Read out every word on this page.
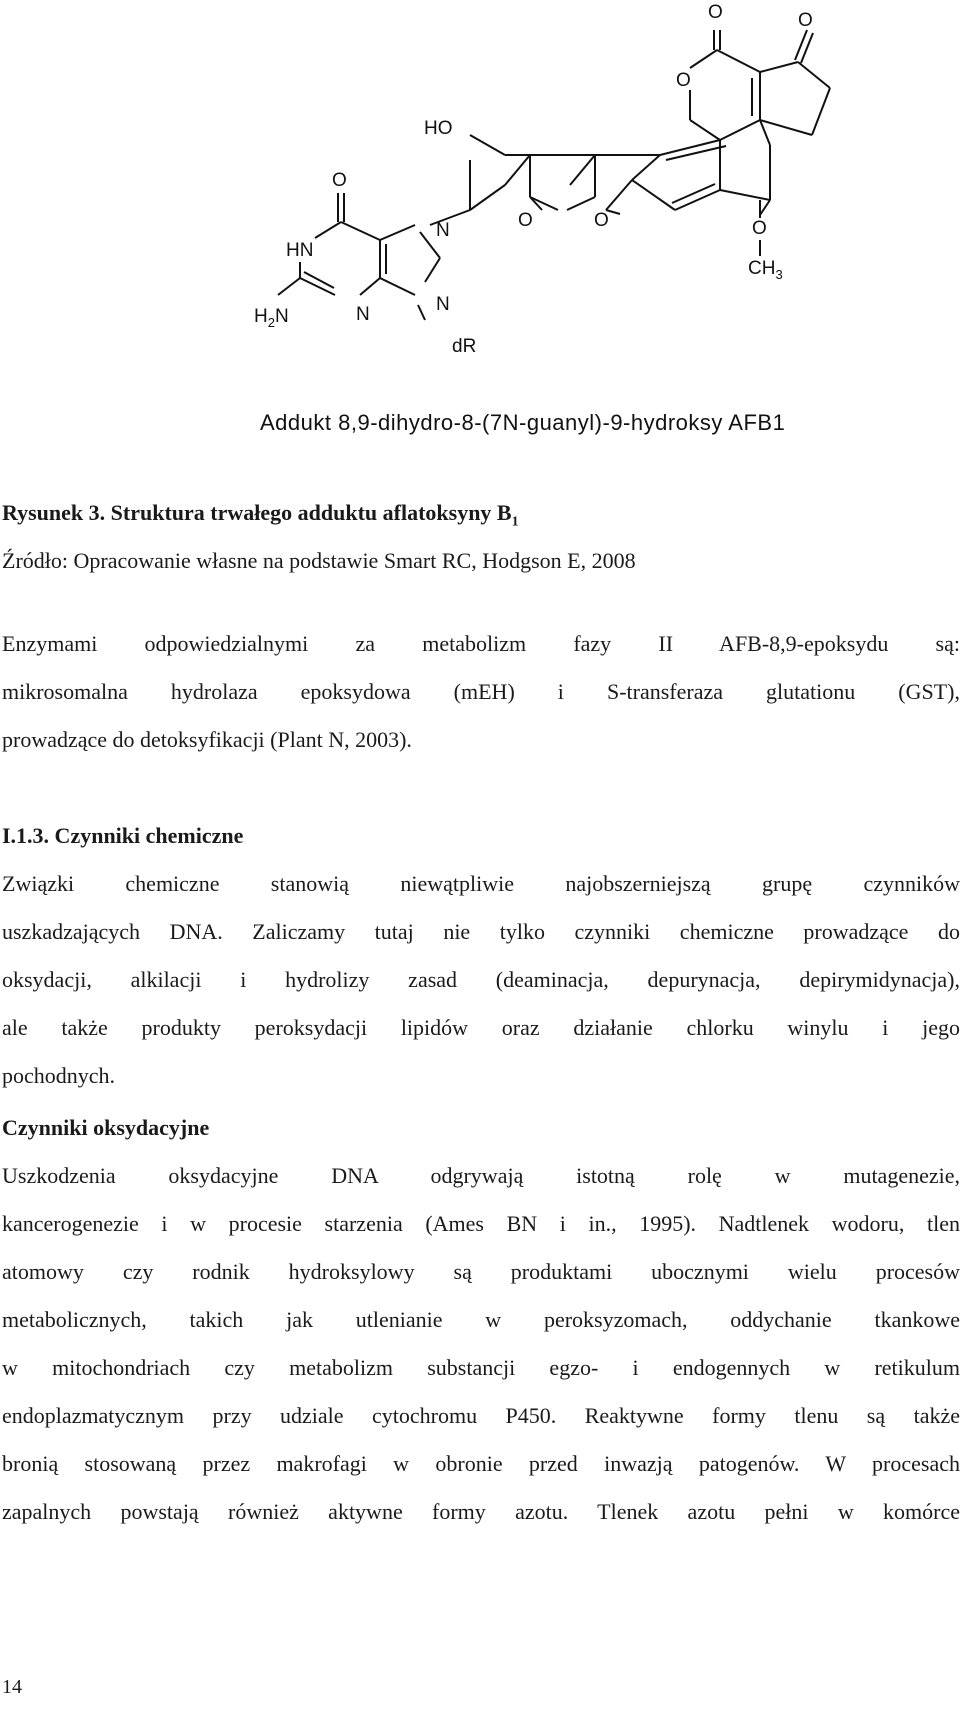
O	O
O
HO
O	O	O
$CH_3$
O
HN
N
N	N
$H_2N$
dR
Addukt 8,9-dihydro-8-(7N-guanyl)-9-hydroksy AFB1
Rysunek 3. Struktura trwałego adduktu aflatoksyny $B_1$
Źródło: Opracowanie własne na podstawie Smart RC, Hodgson E, 2008
Enzymami odpowiedzialnymi za metabolizm fazy II AFB-8,9-epoksydu są:
mikrosomalna hydrolaza epoksydowa (mEH) i S-transferaza glutationu (GST),
prowadzące do detoksyfikacji (Plant N, 2003).
I.1.3. Czynniki chemiczne
Związki chemiczne stanowią niewątpliwie najobszerniejszą grupę czynników
uszkadzających DNA. Zaliczamy tutaj nie tylko czynniki chemiczne prowadzące do
oksydacji, alkilacji i hydrolizy zasad (deaminacja, depurynacja, depirymidynacja),
ale także produkty peroksydacji lipidów oraz działanie chlorku winylu i jego
pochodnych.
Czynniki oksydacyjne
Uszkodzenia oksydacyjne DNA odgrywają istotną rolę w mutagenezie,
kancerogenezie i w procesie starzenia (Ames BN i in., 1995). Nadtlenek wodoru, tlen
atomowy czy rodnik hydroksylowy są produktami ubocznymi wielu procesów
metabolicznych, takich jak utlenianie w peroksyzomach, oddychanie tkankowe
w mitochondriach czy metabolizm substancji egzo- i endogennych w retikulum
endoplazmatycznym przy udziale cytochromu P450. Reaktywne formy tlenu są także
bronią stosowaną przez makrofagi w obronie przed inwazją patogenów. W procesach
zapalnych powstają również aktywne formy azotu. Tlenek azotu pełni w komórce
14
